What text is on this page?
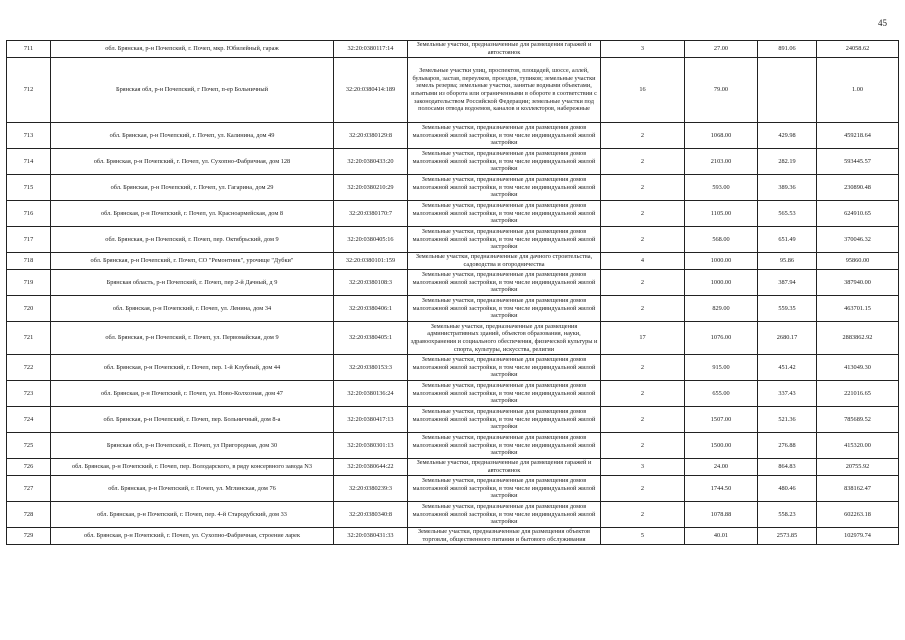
45
711	обл. Брянская, р-н Почепский, г. Почеп, мкр. Юбилейный, гараж	32:20:0380117:14	Земельные участки, предназначенные для размещения гаражей и автостоянок	3	27.00	891.06	24058.62
712	Брянская обл, р-н Почепский, г Почеп, п-ер Больничный	32:20:0380414:189	Земельные участки улиц, проспектов, площадей, шоссе, аллей, бульваров, застав, переулков, проездов, тупиков; земельные участки земель резерва; земельные участки, занятые водными объектами, изъятыми из оборота или ограниченными в обороте в соответствии с законодательством Российской Федерации; земельные участки под полосами отвода водоемов, каналов и коллекторов, набережные	16	79.00		1.00
713	обл. Брянская, р-н Почепский, г. Почеп, ул. Калинина, дом 49	32:20:0380129:8	Земельные участки, предназначенные для размещения домов малоэтажной жилой застройки, в том числе индивидуальной жилой застройки	2	1068.00	429.98	459218.64
714	обл. Брянская, р-н Почепский, г. Почеп, ул. Сухопно-Фабричная, дом 128	32:20:0380433:20	Земельные участки, предназначенные для размещения домов малоэтажной жилой застройки, в том числе индивидуальной жилой застройки	2	2103.00	282.19	593445.57
715	обл. Брянская, р-н Почепский, г. Почеп, ул. Гагарина, дом 29	32:20:0380210:29	Земельные участки, предназначенные для размещения домов малоэтажной жилой застройки, в том числе индивидуальной жилой застройки	2	593.00	389.36	230890.48
716	обл. Брянская, р-н Почепский, г. Почеп, ул. Красноармейская, дом 8	32:20:0380170:7	Земельные участки, предназначенные для размещения домов малоэтажной жилой застройки, в том числе индивидуальной жилой застройки	2	1105.00	565.53	624910.65
717	обл. Брянская, р-н Почепский, г. Почеп, пер. Октябрьский, дом 9	32:20:0380405:16	Земельные участки, предназначенные для размещения домов малоэтажной жилой застройки, в том числе индивидуальной жилой застройки	2	568.00	651.49	370046.32
718	обл. Брянская, р-н Почепский, г. Почеп, СО "Ремонтник", урочище "Дубки"	32:20:0380101:159	Земельные участки, предназначенные для дачного строительства, садоводства и огородничества	4	1000.00	95.86	95860.00
719	Брянская область, р-н Почепский, г. Почеп, пер 2-й Дачный, д 9	32:20:0380108:3	Земельные участки, предназначенные для размещения домов малоэтажной жилой застройки, в том числе индивидуальной жилой застройки	2	1000.00	387.94	387940.00
720	обл. Брянская, р-н Почепский, г. Почеп, ул. Ленина, дом 34	32:20:0380406:1	Земельные участки, предназначенные для размещения домов малоэтажной жилой застройки, в том числе индивидуальной жилой застройки	2	829.00	559.35	463701.15
721	обл. Брянская, р-н Почепский, г. Почеп, ул. Первомайская, дом 9	32:20:0380405:1	Земельные участки, предназначенные для размещения административных зданий, объектов образования, науки, здравоохранения и социального обеспечения, физической культуры и спорта, культуры, искусства, религии	17	1076.00	2680.17	2883862.92
722	обл. Брянская, р-н Почепский, г. Почеп, пер. 1-й Клубный, дом 44	32:20:0380153:3	Земельные участки, предназначенные для размещения домов малоэтажной жилой застройки, в том числе индивидуальной жилой застройки	2	915.00	451.42	413049.30
723	обл. Брянская, р-н Почепский, г. Почеп, ул. Ново-Колхозная, дом 47	32:20:0380136:24	Земельные участки, предназначенные для размещения домов малоэтажной жилой застройки, в том числе индивидуальной жилой застройки	2	655.00	337.43	221016.65
724	обл. Брянская, р-н Почепский, г. Почеп, пер. Больничный, дом 8-а	32:20:0380417:13	Земельные участки, предназначенные для размещения домов малоэтажной жилой застройки, в том числе индивидуальной жилой застройки	2	1507.00	521.36	785689.52
725	Брянская обл, р-н Почепский, г. Почеп, ул Пригородная, дом 30	32:20:0380301:13	Земельные участки, предназначенные для размещения домов малоэтажной жилой застройки, в том числе индивидуальной жилой застройки	2	1500.00	276.88	415320.00
726	обл. Брянская, р-н Почепский, г. Почеп, пер. Володарского, в ряду консервного завода N3	32:20:0380644:22	Земельные участки, предназначенные для размещения гаражей и автостоянок	3	24.00	864.83	20755.92
727	обл. Брянская, р-н Почепский, г. Почеп, ул. Мглинская, дом 76	32:20:0380239:3	Земельные участки, предназначенные для размещения домов малоэтажной жилой застройки, в том числе индивидуальной жилой застройки	2	1744.50	480.46	838162.47
728	обл. Брянская, р-н Почепский, г. Почеп, пер. 4-й Стародубский, дом 33	32:20:0380340:8	Земельные участки, предназначенные для размещения домов малоэтажной жилой застройки, в том числе индивидуальной жилой застройки	2	1078.88	558.23	602263.18
729	обл. Брянская, р-н Почепский, г. Почеп, ул. Сухопно-Фабричная, строение ларек	32:20:0380431:33	Земельные участки, предназначенные для размещения объектов торговли, общественного питания и бытового обслуживания	5	40.01	2573.85	102979.74
